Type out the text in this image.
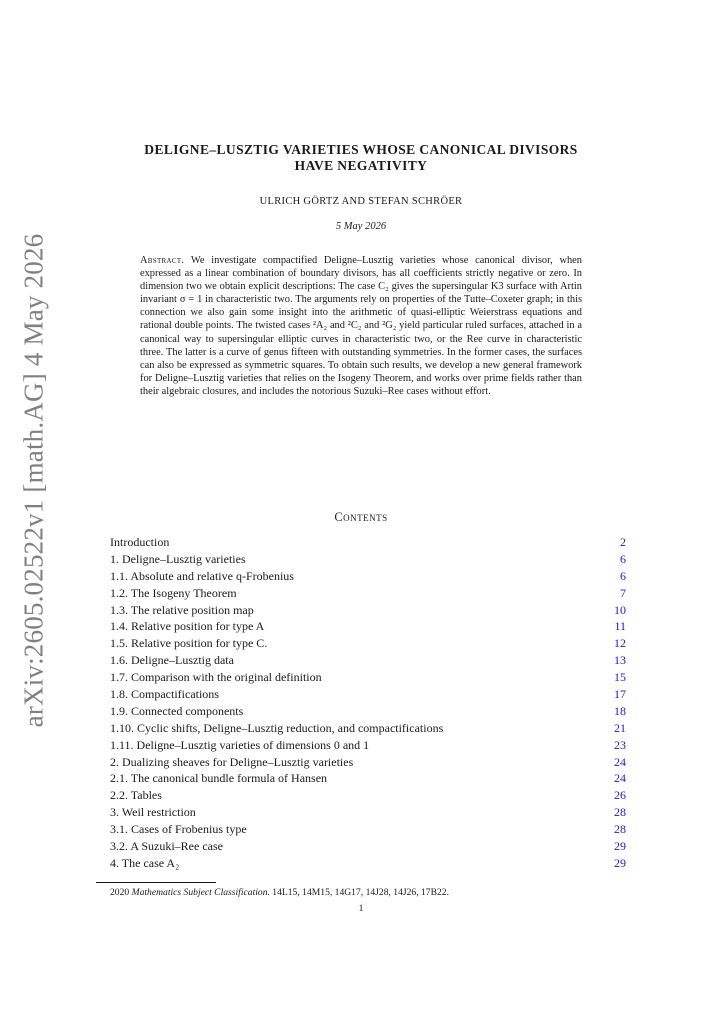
arXiv:2605.02522v1 [math.AG] 4 May 2026
DELIGNE–LUSZTIG VARIETIES WHOSE CANONICAL DIVISORS
HAVE NEGATIVITY
ULRICH GÖRTZ AND STEFAN SCHRÖER
5 May 2026
Abstract. We investigate compactified Deligne–Lusztig varieties whose canonical divisor, when expressed as a linear combination of boundary divisors, has all coefficients strictly negative or zero. In dimension two we obtain explicit descriptions: The case C₂ gives the supersingular K3 surface with Artin invariant σ = 1 in characteristic two. The arguments rely on properties of the Tutte–Coxeter graph; in this connection we also gain some insight into the arithmetic of quasi-elliptic Weierstrass equations and rational double points. The twisted cases ²A₂ and ²C₂ and ²G₂ yield particular ruled surfaces, attached in a canonical way to supersingular elliptic curves in characteristic two, or the Ree curve in characteristic three. The latter is a curve of genus fifteen with outstanding symmetries. In the former cases, the surfaces can also be expressed as symmetric squares. To obtain such results, we develop a new general framework for Deligne–Lusztig varieties that relies on the Isogeny Theorem, and works over prime fields rather than their algebraic closures, and includes the notorious Suzuki–Ree cases without effort.
Contents
Introduction	2
1. Deligne–Lusztig varieties	6
1.1. Absolute and relative q-Frobenius	6
1.2. The Isogeny Theorem	7
1.3. The relative position map	10
1.4. Relative position for type A	11
1.5. Relative position for type C.	12
1.6. Deligne–Lusztig data	13
1.7. Comparison with the original definition	15
1.8. Compactifications	17
1.9. Connected components	18
1.10. Cyclic shifts, Deligne–Lusztig reduction, and compactifications	21
1.11. Deligne–Lusztig varieties of dimensions 0 and 1	23
2. Dualizing sheaves for Deligne–Lusztig varieties	24
2.1. The canonical bundle formula of Hansen	24
2.2. Tables	26
3. Weil restriction	28
3.1. Cases of Frobenius type	28
3.2. A Suzuki–Ree case	29
4. The case A₂	29
2020 Mathematics Subject Classification. 14L15, 14M15, 14G17, 14J28, 14J26, 17B22.
1
